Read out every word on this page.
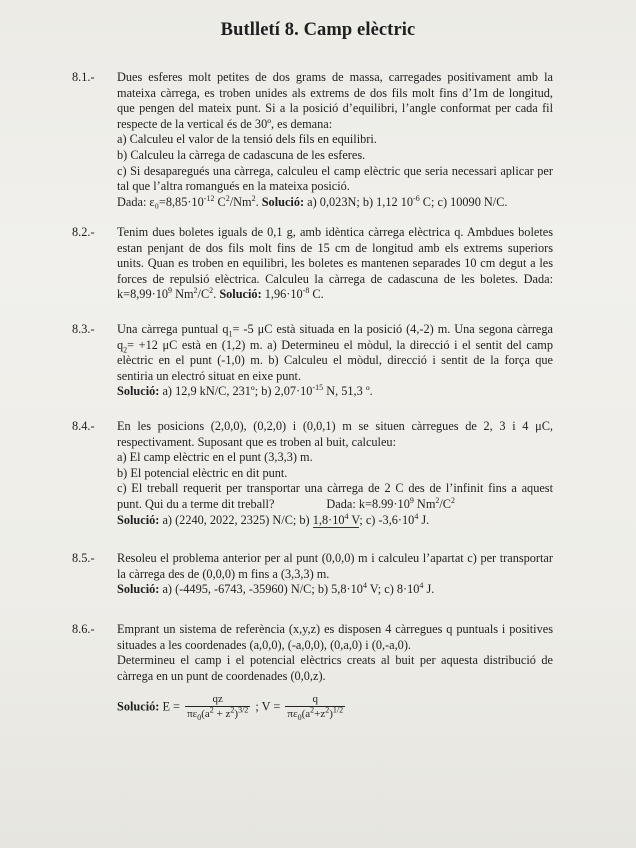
Butlletí 8. Camp elèctric
8.1.- Dues esferes molt petites de dos grams de massa, carregades positivament amb la
mateixa càrrega, es troben unides als extrems de dos fils molt fins d’1m de longitud,
que pengen del mateix punt. Si a la posició d’equilibri, l’angle conformat per cada fil
respecte de la vertical és de 30º, es demana:
a) Calculeu el valor de la tensió dels fils en equilibri.
b) Calculeu la càrrega de cadascuna de les esferes.
c) Si desaparegués una càrrega, calculeu el camp elèctric que seria necessari aplicar per
tal que l’altra romangués en la mateixa posició.
Dada: $\varepsilon_0=8,85\cdot 10^{-12}$ $C^2/Nm^2$. Solució: a) 0,023N; b) 1,12 $10^{-6}$ C; c) 10090 N/C.
8.2.- Tenim dues boletes iguals de 0,1 g, amb idèntica càrrega elèctrica q. Ambdues boletes
estan penjant de dos fils molt fins de 15 cm de longitud amb els extrems superiors
units. Quan es troben en equilibri, les boletes es mantenen separades 10 cm degut a les
forces de repulsió elèctrica. Calculeu la càrrega de cadascuna de les boletes. Dada:
$k=8,99\cdot 10^9$ $Nm^2/C^2$. Solució: $1,96\cdot 10^{-8}$ C.
8.3.- Una càrrega puntual $q_1= -5$ μC està situada en la posició (4,-2) m. Una segona càrrega
$q_2= +12$ μC està en (1,2) m. a) Determineu el mòdul, la direcció i el sentit del camp
elèctric en el punt (-1,0) m. b) Calculeu el mòdul, direcció i sentit de la força que
sentiria un electró situat en eixe punt.
Solució: a) 12,9 kN/C, 231º; b) $2,07\cdot 10^{-15}$ N, 51,3 º.
8.4.- En les posicions (2,0,0), (0,2,0) i (0,0,1) m se situen càrregues de 2, 3 i 4 μC,
respectivament. Suposant que es troben al buit, calculeu:
a) El camp elèctric en el punt (3,3,3) m.
b) El potencial elèctric en dit punt.
c) El treball requerit per transportar una càrrega de 2 C des de l’infinit fins a aquest
punt. Qui du a terme dit treball?	Dada: $k=8.99\cdot 10^9$ $Nm^2/C^2$
Solució: a) (2240, 2022, 2325) N/C; b) $1,8\cdot 10^4$ V; c) $-3,6\cdot 10^4$ J.
8.5.- Resoleu el problema anterior per al punt (0,0,0) m i calculeu l’apartat c) per transportar
la càrrega des de (0,0,0) m fins a (3,3,3) m.
Solució: a) (-4495, -6743, -35960) N/C; b) $5,8\cdot 10^4$ V; c) $8\cdot 10^4$ J.
8.6.- Emprant un sistema de referència (x,y,z) es disposen 4 càrregues q puntuals i positives
situades a les coordenades (a,0,0), (-a,0,0), (0,a,0) i (0,-a,0).
Determineu el camp i el potencial elèctrics creats al buit per aquesta distribució de
càrrega en un punt de coordenades (0,0,z).
Solució: $E = \frac{qz}{\pi\varepsilon_0(a^2 + z^2)^{3/2}}$ ; $V = \frac{q}{\pi\varepsilon_0(a^2+z^2)^{1/2}}$
